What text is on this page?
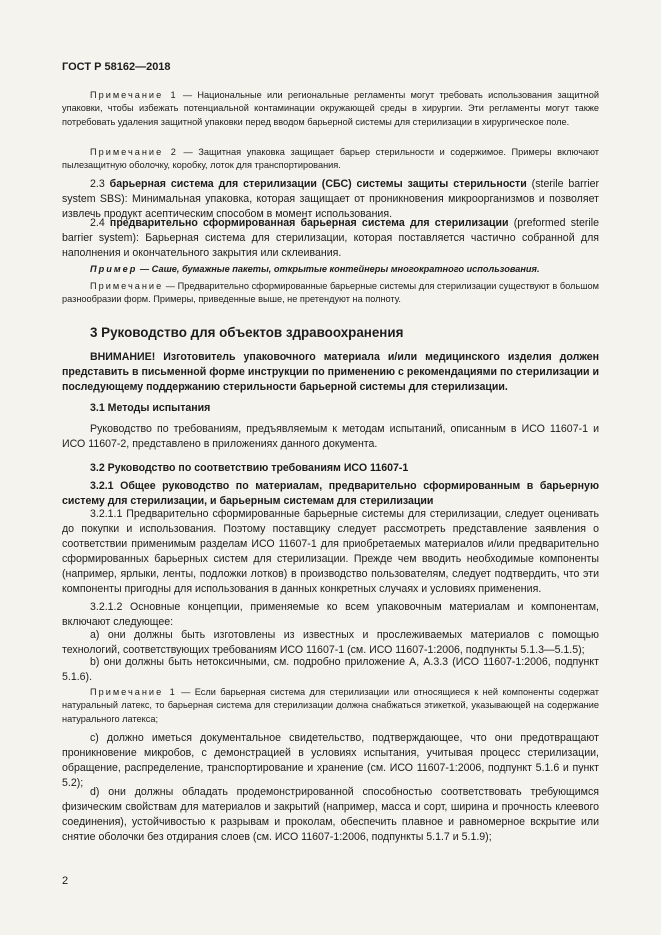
ГОСТ Р 58162—2018
Примечание 1 — Национальные или региональные регламенты могут требовать использования защитной упаковки, чтобы избежать потенциальной контаминации окружающей среды в хирургии. Эти регламенты могут также потребовать удаления защитной упаковки перед вводом барьерной системы для стерилизации в хирургическое поле.
Примечание 2 — Защитная упаковка защищает барьер стерильности и содержимое. Примеры включают пылезащитную оболочку, коробку, лоток для транспортирования.
2.3 барьерная система для стерилизации (СБС) системы защиты стерильности (sterile barrier system SBS): Минимальная упаковка, которая защищает от проникновения микроорганизмов и позволяет извлечь продукт асептическим способом в момент использования.
2.4 предварительно сформированная барьерная система для стерилизации (preformed sterile barrier system): Барьерная система для стерилизации, которая поставляется частично собранной для наполнения и окончательного закрытия или склеивания.
Пример — Саше, бумажные пакеты, открытые контейнеры многократного использования.
Примечание — Предварительно сформированные барьерные системы для стерилизации существуют в большом разнообразии форм. Примеры, приведенные выше, не претендуют на полноту.
3 Руководство для объектов здравоохранения
ВНИМАНИЕ! Изготовитель упаковочного материала и/или медицинского изделия должен представить в письменной форме инструкции по применению с рекомендациями по стерилизации и последующему поддержанию стерильности барьерной системы для стерилизации.
3.1 Методы испытания
Руководство по требованиям, предъявляемым к методам испытаний, описанным в ИСО 11607-1 и ИСО 11607-2, представлено в приложениях данного документа.
3.2 Руководство по соответствию требованиям ИСО 11607-1
3.2.1 Общее руководство по материалам, предварительно сформированным в барьерную систему для стерилизации, и барьерным системам для стерилизации
3.2.1.1 Предварительно сформированные барьерные системы для стерилизации, следует оценивать до покупки и использования. Поэтому поставщику следует рассмотреть представление заявления о соответствии применимым разделам ИСО 11607-1 для приобретаемых материалов и/или предварительно сформированных барьерных систем для стерилизации. Прежде чем вводить необходимые компоненты (например, ярлыки, ленты, подложки лотков) в производство пользователям, следует подтвердить, что эти компоненты пригодны для использования в данных конкретных случаях и условиях применения.
3.2.1.2 Основные концепции, применяемые ко всем упаковочным материалам и компонентам, включают следующее:
а) они должны быть изготовлены из известных и прослеживаемых материалов с помощью технологий, соответствующих требованиям ИСО 11607-1 (см. ИСО 11607-1:2006, подпункты 5.1.3—5.1.5);
b) они должны быть нетоксичными, см. подробно приложение А, А.3.3 (ИСО 11607-1:2006, подпункт 5.1.6).
Примечание 1 — Если барьерная система для стерилизации или относящиеся к ней компоненты содержат натуральный латекс, то барьерная система для стерилизации должна снабжаться этикеткой, указывающей на содержание натурального латекса;
с) должно иметься документальное свидетельство, подтверждающее, что они предотвращают проникновение микробов, с демонстрацией в условиях испытания, учитывая процесс стерилизации, обращение, распределение, транспортирование и хранение (см. ИСО 11607-1:2006, подпункт 5.1.6 и пункт 5.2);
d) они должны обладать продемонстрированной способностью соответствовать требующимся физическим свойствам для материалов и закрытий (например, масса и сорт, ширина и прочность клеевого соединения), устойчивостью к разрывам и проколам, обеспечить плавное и равномерное вскрытие или снятие оболочки без отдирания слоев (см. ИСО 11607-1:2006, подпункты 5.1.7 и 5.1.9);
2
